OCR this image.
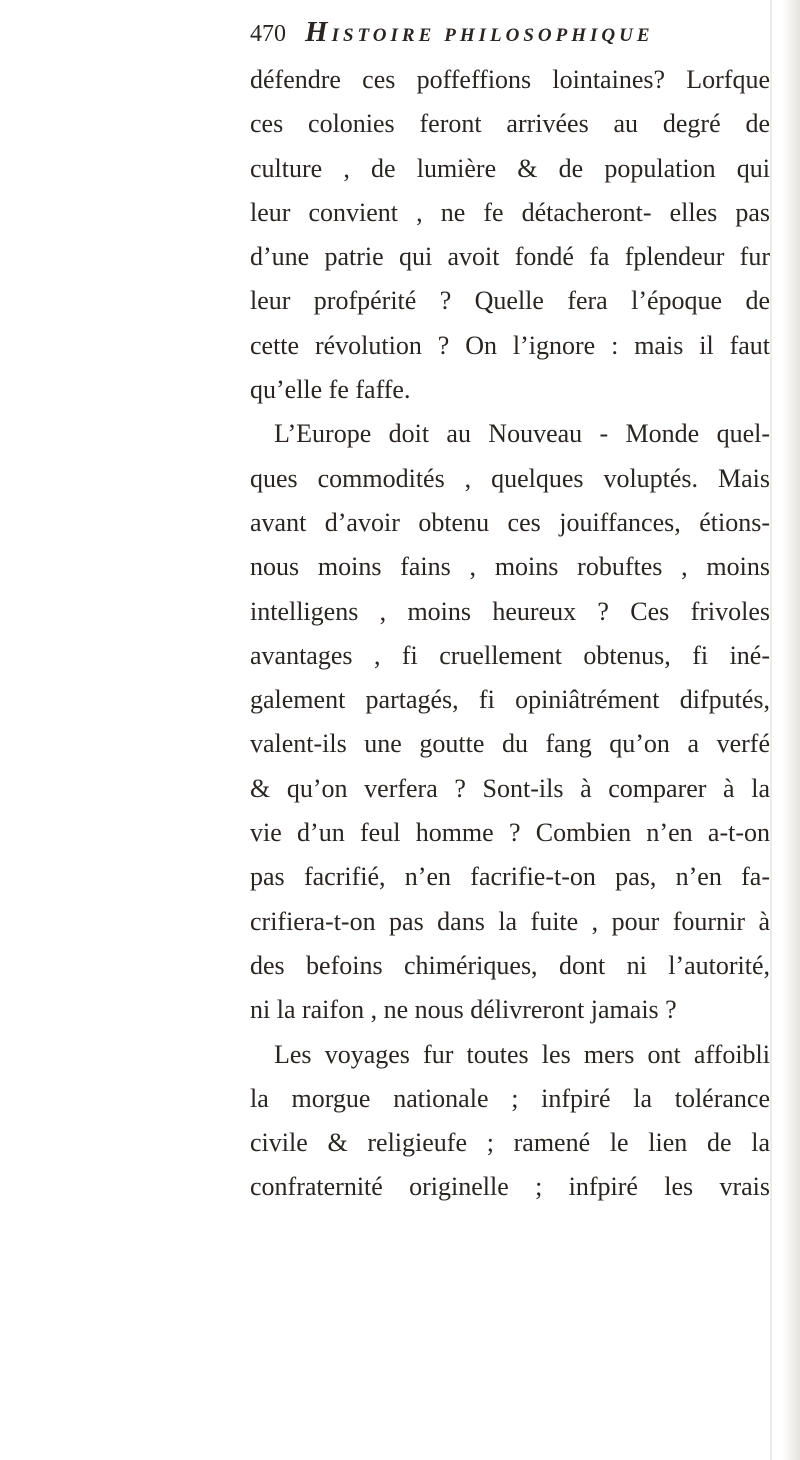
470 HISTOIRE PHILOSOPHIQUE
défendre ces poffeffions lointaines? Lorfque
ces colonies feront arrivées au degré de
culture , de lumière & de population qui
leur convient , ne fe détacheront- elles pas
d’une patrie qui avoit fondé fa fplendeur fur
leur profpérité ? Quelle fera l’époque de
cette révolution ? On l’ignore : mais il faut
qu’elle fe faffe.
L’Europe doit au Nouveau - Monde quel-
ques commodités , quelques voluptés. Mais
avant d’avoir obtenu ces jouiffances, étions-
nous moins fains , moins robuftes , moins
intelligens , moins heureux ? Ces frivoles
avantages , fi cruellement obtenus, fi iné-
galement partagés, fi opiniâtrément difputés,
valent-ils une goutte du fang qu’on a verfé
& qu’on verfera ? Sont-ils à comparer à la
vie d’un feul homme ? Combien n’en a-t-on
pas facrifié, n’en facrifie-t-on pas, n’en fa-
crifiera-t-on pas dans la fuite , pour fournir à
des befoins chimériques, dont ni l’autorité,
ni la raifon , ne nous délivreront jamais ?
Les voyages fur toutes les mers ont affoibli
la morgue nationale ; infpiré la tolérance
civile & religieufe ; ramené le lien de la
confraternité originelle ; infpiré les vrais
